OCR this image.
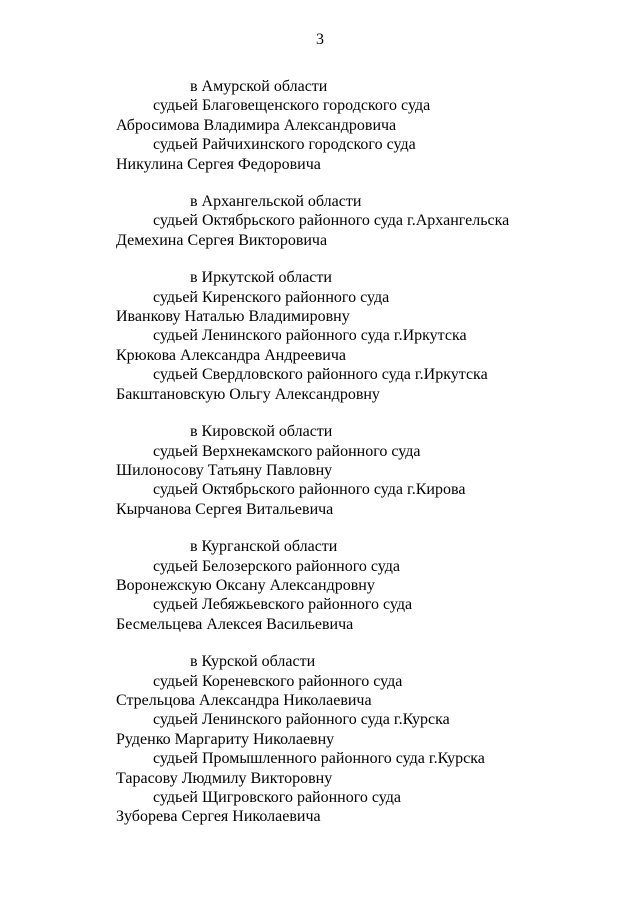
3
в Амурской области
судьей Благовещенского городского суда
Абросимова Владимира Александровича
судьей Райчихинского городского суда
Никулина Сергея Федоровича
в Архангельской области
судьей Октябрьского районного суда г.Архангельска
Демехина Сергея Викторовича
в Иркутской области
судьей Киренского районного суда
Иванкову Наталью Владимировну
судьей Ленинского районного суда г.Иркутска
Крюкова Александра Андреевича
судьей Свердловского районного суда г.Иркутска
Бакштановскую Ольгу Александровну
в Кировской области
судьей Верхнекамского районного суда
Шилоносову Татьяну Павловну
судьей Октябрьского районного суда г.Кирова
Кырчанова Сергея Витальевича
в Курганской области
судьей Белозерского районного суда
Воронежскую Оксану Александровну
судьей Лебяжьевского районного суда
Бесмельцева Алексея Васильевича
в Курской области
судьей Кореневского районного суда
Стрельцова Александра Николаевича
судьей Ленинского районного суда г.Курска
Руденко Маргариту Николаевну
судьей Промышленного районного суда г.Курска
Тарасову Людмилу Викторовну
судьей Щигровского районного суда
Зуборева Сергея Николаевича
